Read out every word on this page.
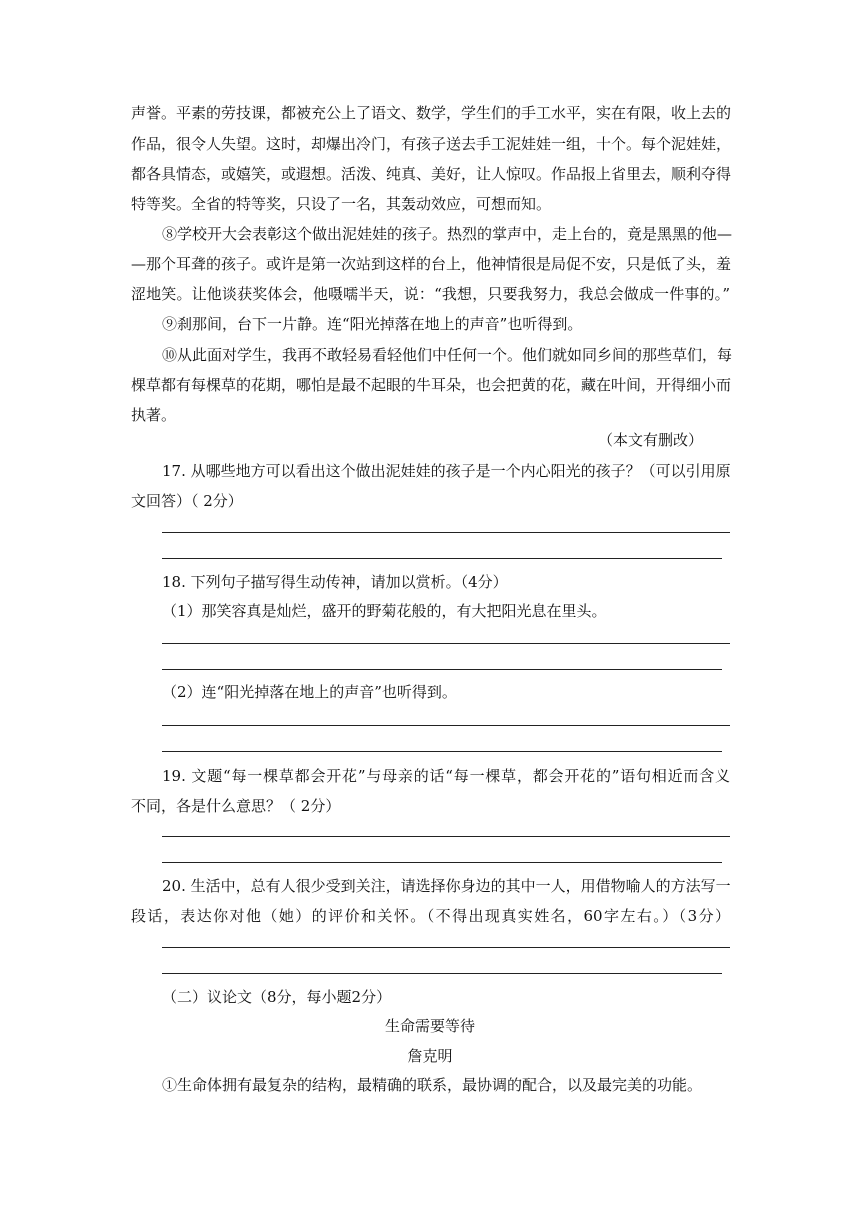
声誉。平素的劳技课，都被充公上了语文、数学，学生们的手工水平，实在有限，收上去的
作品，很令人失望。这时，却爆出冷门，有孩子送去手工泥娃娃一组，十个。每个泥娃娃，
都各具情态，或嬉笑，或遐想。活泼、纯真、美好，让人惊叹。作品报上省里去，顺利夺得
特等奖。全省的特等奖，只设了一名，其轰动效应，可想而知。
⑧学校开大会表彰这个做出泥娃娃的孩子。热烈的掌声中，走上台的，竟是黑黑的他—
—那个耳聋的孩子。或许是第一次站到这样的台上，他神情很是局促不安，只是低了头，羞
涩地笑。让他谈获奖体会，他嗫嚅半天，说：“我想，只要我努力，我总会做成一件事的。”
⑨刹那间，台下一片静。连“阳光掉落在地上的声音”也听得到。
⑩从此面对学生，我再不敢轻易看轻他们中任何一个。他们就如同乡间的那些草们，每
棵草都有每棵草的花期，哪怕是最不起眼的牛耳朵，也会把黄的花，藏在叶间，开得细小而
执著。
（本文有删改）
17. 从哪些地方可以看出这个做出泥娃娃的孩子是一个内心阳光的孩子？（可以引用原
文回答）（ 2分）
18. 下列句子描写得生动传神，请加以赏析。（4分）
（1）那笑容真是灿烂，盛开的野菊花般的，有大把阳光息在里头。
（2）连“阳光掉落在地上的声音”也听得到。
19. 文题“每一棵草都会开花”与母亲的话“每一棵草，都会开花的”语句相近而含义
不同，各是什么意思？（ 2分）
20. 生活中，总有人很少受到关注，请选择你身边的其中一人，用借物喻人的方法写一
段话，表达你对他（她）的评价和关怀。（不得出现真实姓名，60字左右。）（3分）
（二）议论文（8分，每小题2分）
生命需要等待
詹克明
①生命体拥有最复杂的结构，最精确的联系，最协调的配合，以及最完美的功能。
